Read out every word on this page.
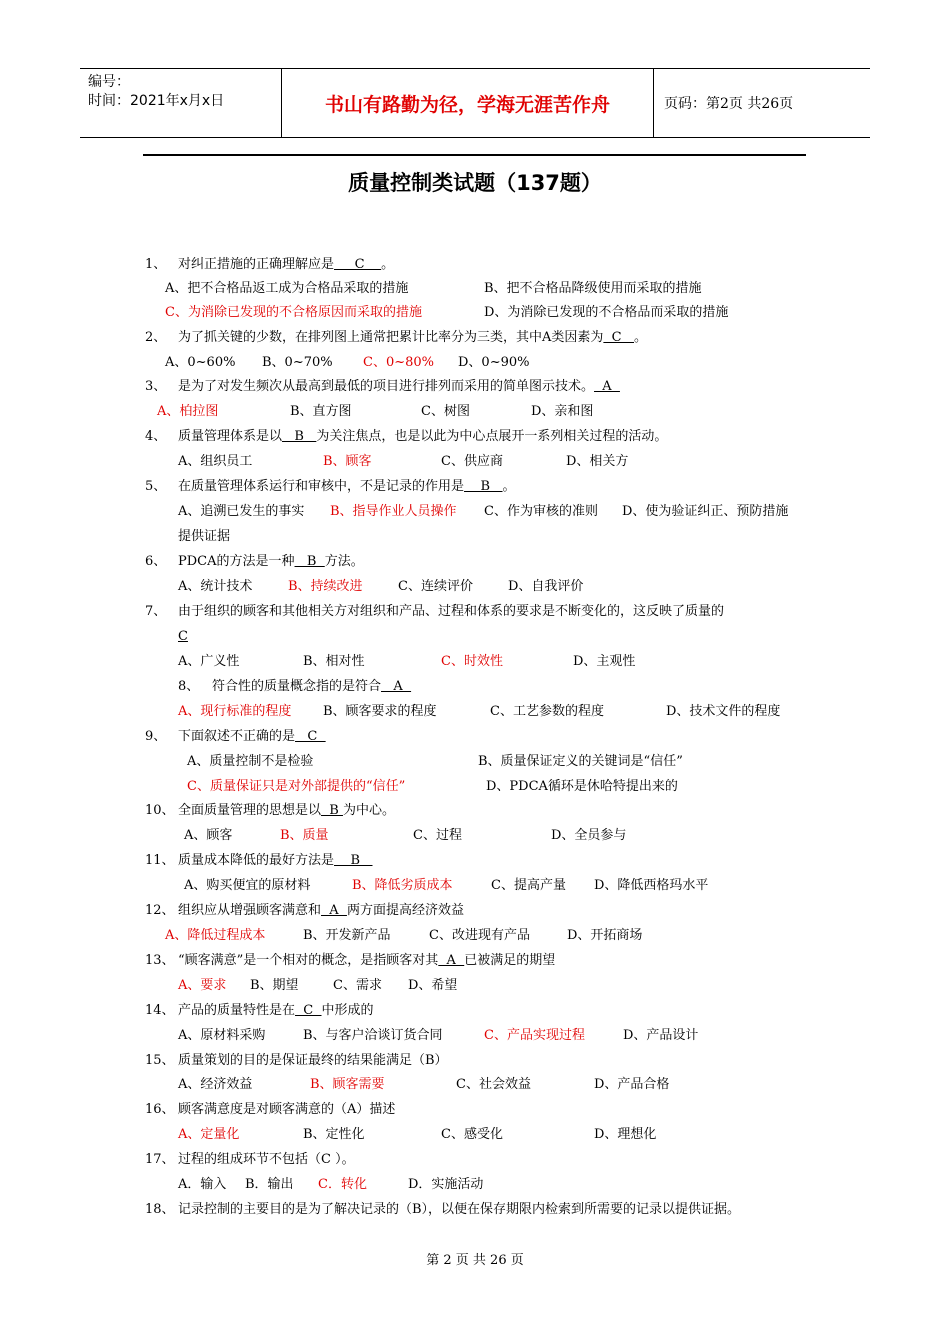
编号：
时间：2021年x月x日	书山有路勤为径，学海无涯苦作舟	页码：第2页 共26页
质量控制类试题（137题）
1、 对纠正措施的正确理解应是     C    。
A、把不合格品返工成为合格品采取的措施	B、把不合格品降级使用而采取的措施
C、为消除已发现的不合格原因而采取的措施	D、为消除已发现的不合格品而采取的措施
2、 为了抓关键的少数，在排列图上通常把累计比率分为三类，其中A类因素为  C   。
A、0~60% B、0~70% C、0~80% D、0~90%
3、 是为了对发生频次从最高到最低的项目进行排列而采用的简单图示技术。  A
A、柏拉图	B、直方图	C、树图	D、亲和图
4、 质量管理体系是以   B   为关注焦点，也是以此为中心点展开一系列相关过程的活动。
A、组织员工	B、顾客	C、供应商	D、相关方
5、 在质量管理体系运行和审核中，不是记录的作用是    B   。
A、追溯已发生的事实 B、指导作业人员操作 C、作为审核的准则 D、使为验证纠正、预防措施
提供证据
6、 PDCA的方法是一种   B  方法。
A、统计技术	B、持续改进	C、连续评价	D、自我评价
7、 由于组织的顾客和其他相关方对组织和产品、过程和体系的要求是不断变化的，这反映了质量的
C
A、广义性	B、相对性	C、时效性	D、主观性
8、 符合性的质量概念指的是符合   A
A、现行标准的程度 B、顾客要求的程度	C、工艺参数的程度	D、技术文件的程度
9、 下面叙述不正确的是   C
A、质量控制不是检验	B、质量保证定义的关键词是“信任”
C、质量保证只是对外部提供的“信任”	D、PDCA循环是休哈特提出来的
10、 全面质量管理的思想是以  B 为中心。
A、顾客	B、质量	C、过程	D、全员参与
11、 质量成本降低的最好方法是    B
A、购买便宜的原材料	B、降低劣质成本	C、提高产量 D、降低西格玛水平
12、 组织应从增强顾客满意和  A  两方面提高经济效益
A、降低过程成本	B、开发新产品	C、改进现有产品	D、开拓商场
13、 “顾客满意”是一个相对的概念，是指顾客对其  A  已被满足的期望
A、要求 B、期望	C、需求 D、希望
14、 产品的质量特性是在  C  中形成的
A、原材料采购	B、与客户洽谈订货合同	C、产品实现过程	D、产品设计
15、 质量策划的目的是保证最终的结果能满足（B）
A、经济效益	B、顾客需要	C、社会效益	D、产品合格
16、 顾客满意度是对顾客满意的（A）描述
A、定量化	B、定性化	C、感受化	D、理想化
17、 过程的组成环节不包括（C ）。
A．输入 B．输出 C．转化	D．实施活动
18、 记录控制的主要目的是为了解决记录的（B），以便在保存期限内检索到所需要的记录以提供证据。
第 2 页 共 26 页
